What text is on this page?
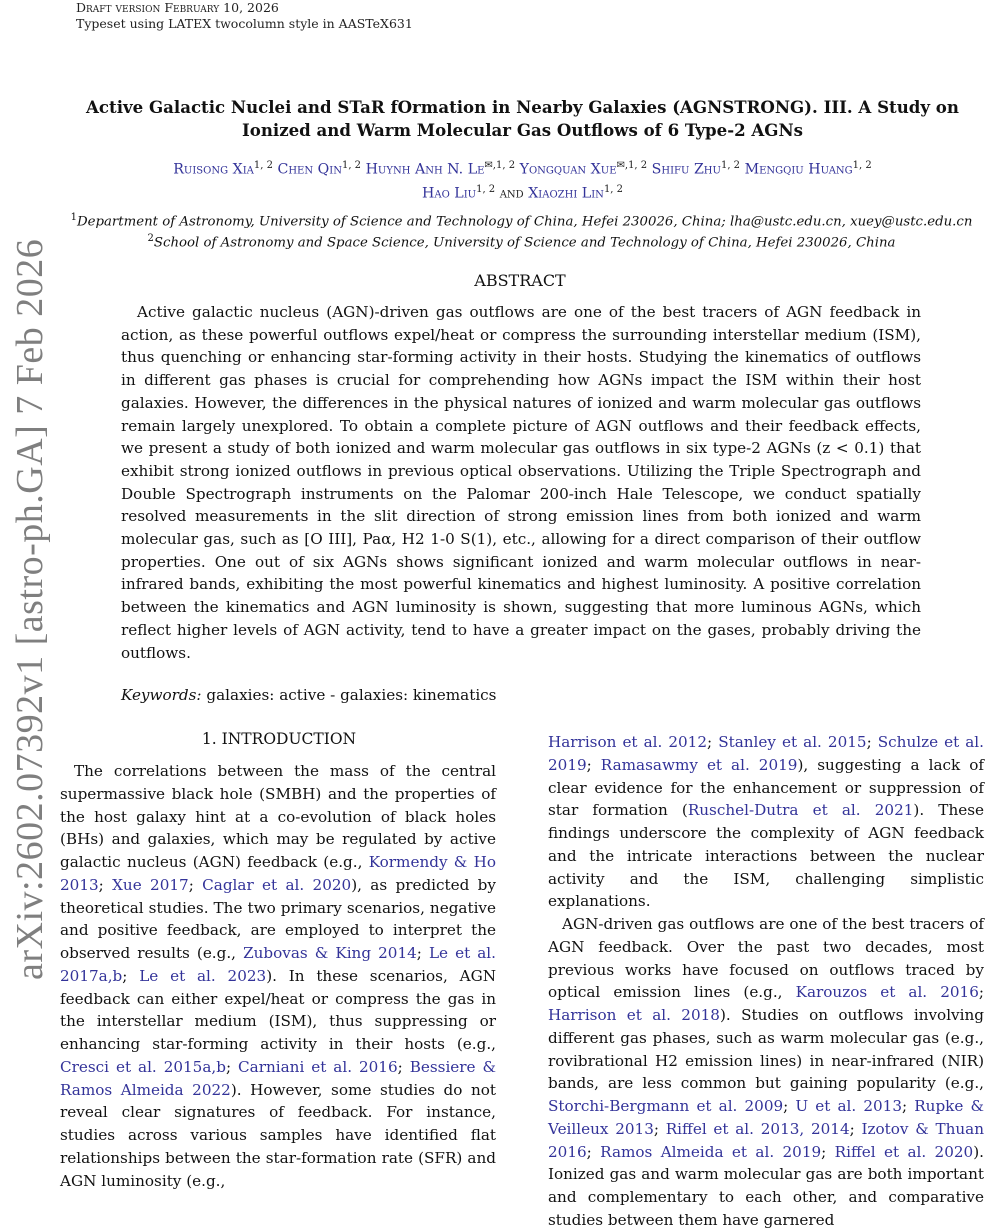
Draft version February 10, 2026
Typeset using LATEX twocolumn style in AASTeX631
arXiv:2602.07392v1 [astro-ph.GA] 7 Feb 2026
Active Galactic Nuclei and STaR fOrmation in Nearby Galaxies (AGNSTRONG). III. A Study on Ionized and Warm Molecular Gas Outflows of 6 Type-2 AGNs
Ruisong Xia$^{1, 2}$ Chen Qin$^{1, 2}$ Huynh Anh N. $Le^{✉,1, 2}$ Yongquan Xue$^{✉,1, 2}$ Shifu Zhu$^{1, 2}$ Mengqiu Huang$^{1, 2}$
Hao Liu$^{1, 2}$ and Xiaozhi Lin$^{1, 2}$
$^1$Department of Astronomy, University of Science and Technology of China, Hefei 230026, China; lha@ustc.edu.cn, xuey@ustc.edu.cn
$^2$School of Astronomy and Space Science, University of Science and Technology of China, Hefei 230026, China
ABSTRACT
Active galactic nucleus (AGN)-driven gas outflows are one of the best tracers of AGN feedback in action, as these powerful outflows expel/heat or compress the surrounding interstellar medium (ISM), thus quenching or enhancing star-forming activity in their hosts. Studying the kinematics of outflows in different gas phases is crucial for comprehending how AGNs impact the ISM within their host galaxies. However, the differences in the physical natures of ionized and warm molecular gas outflows remain largely unexplored. To obtain a complete picture of AGN outflows and their feedback effects, we present a study of both ionized and warm molecular gas outflows in six type-2 AGNs (z < 0.1) that exhibit strong ionized outflows in previous optical observations. Utilizing the Triple Spectrograph and Double Spectrograph instruments on the Palomar 200-inch Hale Telescope, we conduct spatially resolved measurements in the slit direction of strong emission lines from both ionized and warm molecular gas, such as [O III], Paα, H2 1-0 S(1), etc., allowing for a direct comparison of their outflow properties. One out of six AGNs shows significant ionized and warm molecular outflows in near-infrared bands, exhibiting the most powerful kinematics and highest luminosity. A positive correlation between the kinematics and AGN luminosity is shown, suggesting that more luminous AGNs, which reflect higher levels of AGN activity, tend to have a greater impact on the gases, probably driving the outflows.
Keywords: galaxies: active - galaxies: kinematics
1. INTRODUCTION

The correlations between the mass of the central supermassive black hole (SMBH) and the properties of the host galaxy hint at a co-evolution of black holes (BHs) and galaxies, which may be regulated by active galactic nucleus (AGN) feedback (e.g., Kormendy & Ho 2013; Xue 2017; Caglar et al. 2020), as predicted by theoretical studies. The two primary scenarios, negative and positive feedback, are employed to interpret the observed results (e.g., Zubovas & King 2014; Le et al. 2017a,b; Le et al. 2023). In these scenarios, AGN feedback can either expel/heat or compress the gas in the interstellar medium (ISM), thus suppressing or enhancing star-forming activity in their hosts (e.g., Cresci et al. 2015a,b; Carniani et al. 2016; Bessiere & Ramos Almeida 2022). However, some studies do not reveal clear signatures of feedback. For instance, studies across various samples have identified flat relationships between the star-formation rate (SFR) and AGN luminosity (e.g.,

Harrison et al. 2012; Stanley et al. 2015; Schulze et al. 2019; Ramasawmy et al. 2019), suggesting a lack of clear evidence for the enhancement or suppression of star formation (Ruschel-Dutra et al. 2021). These findings underscore the complexity of AGN feedback and the intricate interactions between the nuclear activity and the ISM, challenging simplistic explanations.

AGN-driven gas outflows are one of the best tracers of AGN feedback. Over the past two decades, most previous works have focused on outflows traced by optical emission lines (e.g., Karouzos et al. 2016; Harrison et al. 2018). Studies on outflows involving different gas phases, such as warm molecular gas (e.g., rovibrational H2 emission lines) in near-infrared (NIR) bands, are less common but gaining popularity (e.g., Storchi-Bergmann et al. 2009; U et al. 2013; Rupke & Veilleux 2013; Riffel et al. 2013, 2014; Izotov & Thuan 2016; Ramos Almeida et al. 2019; Riffel et al. 2020). Ionized gas and warm molecular gas are both important and complementary to each other, and comparative studies between them have garnered
